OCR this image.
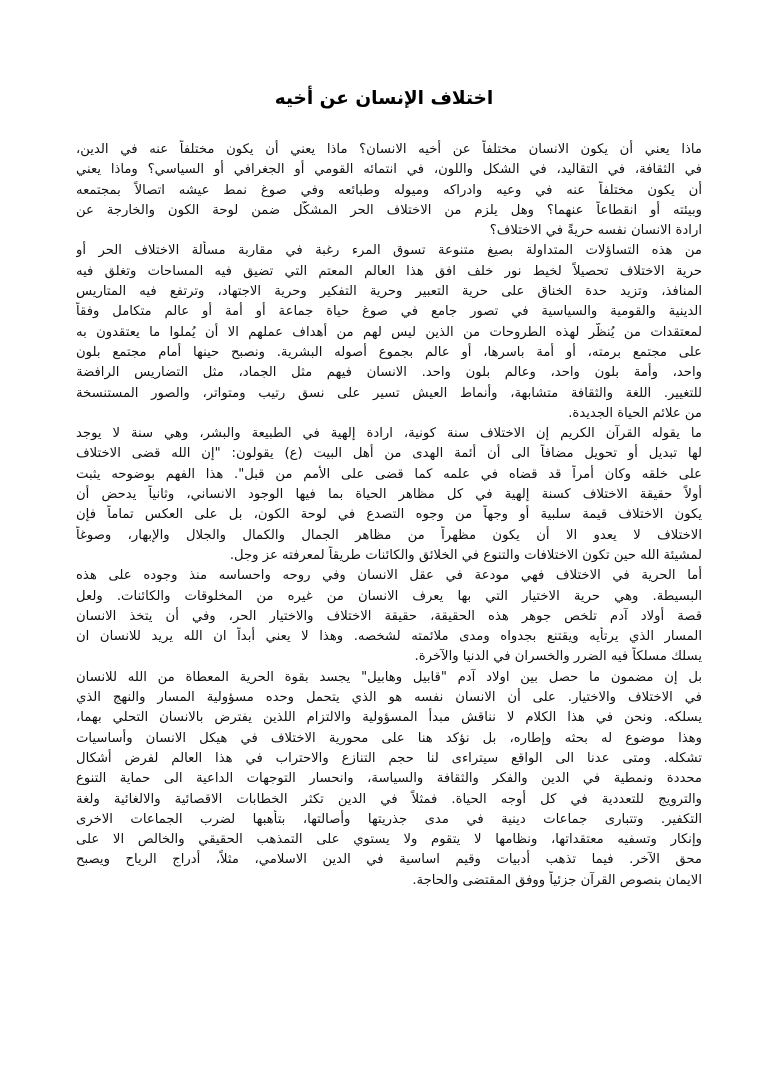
اختلاف الإنسان عن أخيه
ماذا يعني أن يكون الانسان مختلفاً عن أخيه الانسان؟ ماذا يعني أن يكون مختلفاً عنه في الدين،
في الثقافة، في التقاليد، في الشكل واللون، في انتمائه القومي أو الجغرافي أو السياسي؟ وماذا يعني
أن يكون مختلفاً عنه في وعيه وادراكه وميوله وطبائعه وفي صوغ نمط عيشه اتصالاً بمجتمعه
وبيئته أو انقطاعاً عنهما؟ وهل يلزم من الاختلاف الحر المشكّل ضمن لوحة الكون والخارجة عن
ارادة الانسان نفسه حريةً في الاختلاف؟
من هذه التساؤلات المتداولة بصيغ متنوعة تسوق المرء رغبة في مقاربة مسألة الاختلاف الحر أو
حرية الاختلاف تحصيلاً لخيط نور خلف افق هذا العالم المعتم التي تضيق فيه المساحات وتغلق فيه
المنافذ، وتزيد حدة الخناق على حرية التعبير وحرية التفكير وحرية الاجتهاد، وترتفع فيه المتاريس
الدينية والقومية والسياسية في تصور جامع في صوغ حياة جماعة أو أمة أو عالم متكامل وفقاً
لمعتقدات من يُنظّر لهذه الطروحات من الذين ليس لهم من أهداف عملهم الا أن يُملوا ما يعتقدون به
على مجتمع برمته، أو أمة باسرها، أو عالم بجموع أصوله البشرية. ونصبح حينها أمام مجتمع بلون
واحد، وأمة بلون واحد، وعالم بلون واحد. الانسان فيهم مثل الجماد، مثل التضاريس الرافضة
للتغيير. اللغة والثقافة متشابهة، وأنماط العيش تسير على نسق رتيب ومتواتر، والصور المستنسخة
من علائم الحياة الجديدة.
ما يقوله القرآن الكريم إن الاختلاف سنة كونية، ارادة إلهية في الطبيعة والبشر، وهي سنة لا يوجد
لها تبديل أو تحويل مضافاً الى أن أئمة الهدى من أهل البيت (ع) يقولون: "إن الله قضى الاختلاف
على خلقه وكان أمراً قد قضاه في علمه كما قضى على الأمم من قبل". هذا الفهم بوضوحه يثبت
أولاً حقيقة الاختلاف كسنة إلهية في كل مظاهر الحياة بما فيها الوجود الانساني، وثانياً يدحض أن
يكون الاختلاف قيمة سلبية أو وجهاً من وجوه التصدع في لوحة الكون، بل على العكس تماماً فإن
الاختلاف لا يعدو الا أن يكون مظهراً من مظاهر الجمال والكمال والجلال والإبهار، وصوغاً
لمشيئة الله حين تكون الاختلافات والتنوع في الخلائق والكائنات طريقاً لمعرفته عز وجل.
أما الحرية في الاختلاف فهي مودعة في عقل الانسان وفي روحه واحساسه منذ وجوده على هذه
البسيطة. وهي حرية الاختيار التي بها يعرف الانسان من غيره من المخلوقات والكائنات. ولعل
قصة أولاد آدم تلخص جوهر هذه الحقيقة، حقيقة الاختلاف والاختيار الحر، وفي أن يتخذ الانسان
المسار الذي يرتأيه ويقتنع بجدواه ومدى ملائمته لشخصه. وهذا لا يعني أبداً ان الله يريد للانسان ان
يسلك مسلكاً فيه الضرر والخسران في الدنيا والآخرة.
بل إن مضمون ما حصل بين اولاد آدم "قابيل وهابيل" يجسد بقوة الحرية المعطاة من الله للانسان
في الاختلاف والاختيار. على أن الانسان نفسه هو الذي يتحمل وحده مسؤولية المسار والنهج الذي
يسلكه. ونحن في هذا الكلام لا نناقش مبدأ المسؤولية والالتزام اللذين يفترض بالانسان التحلي بهما،
وهذا موضوع له بحثه وإطاره، بل نؤكد هنا على محورية الاختلاف في هيكل الانسان وأساسيات
تشكله. ومتى عدنا الى الواقع سيتراءى لنا حجم التنازع والاحتراب في هذا العالم لفرض أشكال
محددة ونمطية في الدين والفكر والثقافة والسياسة، وانحسار التوجهات الداعية الى حماية التنوع
والترويج للتعددية في كل أوجه الحياة. فمثلاً في الدين تكثر الخطابات الاقصائية والالغائية ولغة
التكفير. وتتبارى جماعات دينية في مدى جذريتها وأصالتها، بتأهبها لضرب الجماعات الاخرى
وإنكار وتسفيه معتقداتها، ونظامها لا يتقوم ولا يستوي على التمذهب الحقيقي والخالص الا على
محق الآخر. فيما تذهب أدبيات وقيم اساسية في الدين الاسلامي، مثلاً، أدراج الرياح ويصبح
الايمان بنصوص القرآن جزئياً ووفق المقتضى والحاجة.
